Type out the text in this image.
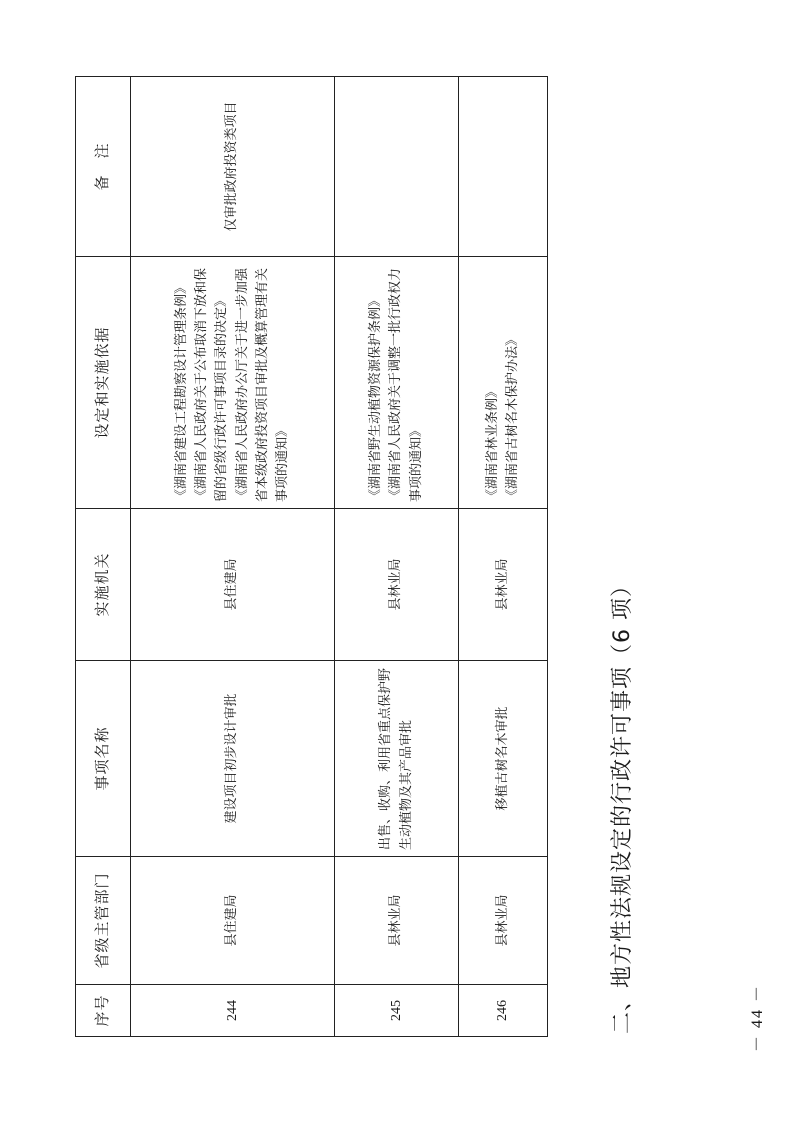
二、地方性法规设定的行政许可事项（6 项）
序号	省级主管部门	事项名称	实施机关	设定和实施依据	备　注
244	县住建局	建设项目初步设计审批	县住建局	《湖南省建设工程勘察设计管理条例》 《湖南省人民政府关于公布取消下放和保留的省级行政许可事项目录的决定》 《湖南省人民政府办公厅关于进一步加强省本级政府投资项目审批及概算管理有关事项的通知》	仅审批政府投资类项目
245	县林业局	出售、收购、利用省重点保护野生动植物及其产品审批	县林业局	《湖南省野生动植物资源保护条例》 《湖南省人民政府关于调整一批行政权力事项的通知》	

246	县林业局	移植古树名木审批	县林业局	《湖南省林业条例》 《湖南省古树名木保护办法》	

－ 44 －
